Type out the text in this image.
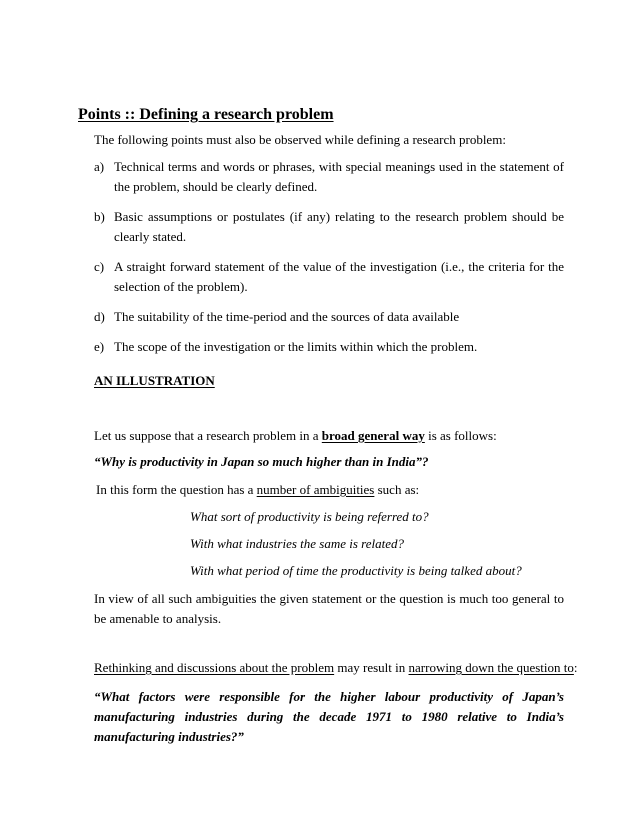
Points :: Defining a research problem
The following points must also be observed while defining a research problem:
a) Technical terms and words or phrases, with special meanings used in the statement of the problem, should be clearly defined.
b) Basic assumptions or postulates (if any) relating to the research problem should be clearly stated.
c) A straight forward statement of the value of the investigation (i.e., the criteria for the selection of the problem).
d) The suitability of the time-period and the sources of data available
e) The scope of the investigation or the limits within which the problem.
AN ILLUSTRATION

Let us suppose that a research problem in a broad general way is as follows:

“Why is productivity in Japan so much higher than in India”?

In this form the question has a number of ambiguities such as:

What sort of productivity is being referred to?
With what industries the same is related?
With what period of time the productivity is being talked about?

In view of all such ambiguities the given statement or the question is much too general to be amenable to analysis.

Rethinking and discussions about the problem may result in narrowing down the question to:

“What factors were responsible for the higher labour productivity of Japan’s manufacturing industries during the decade 1971 to 1980 relative to India’s manufacturing industries?”
